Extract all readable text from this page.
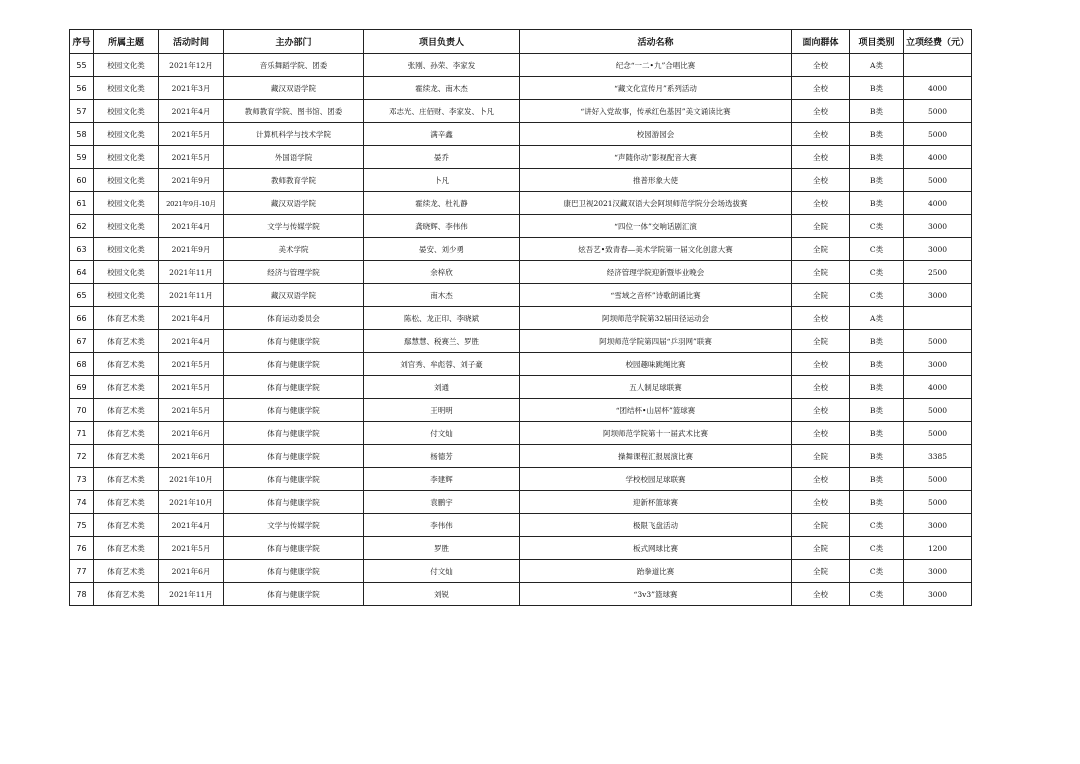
序号	所属主题	活动时间	主办部门	项目负责人	活动名称	面向群体	项目类别	立项经费（元）
55	校园文化类	2021年12月	音乐舞蹈学院、团委	张刚、孙荣、李家发	纪念“一二•九”合唱比赛	全校	A类	
56	校园文化类	2021年3月	藏汉双语学院	霍续龙、南木杰	“藏文化宣传月”系列活动	全校	B类	4000
57	校园文化类	2021年4月	教师教育学院、图书馆、团委	邓志光、庄佰财、李家发、卜凡	“讲好入党故事，传承红色基因”美文诵读比赛	全校	B类	5000
58	校园文化类	2021年5月	计算机科学与技术学院	满辛鑫	校园游园会	全校	B类	5000
59	校园文化类	2021年5月	外国语学院	晏乔	“声随你动”影视配音大赛	全校	B类	4000
60	校园文化类	2021年9月	教师教育学院	卜凡	推普形象大使	全校	B类	5000
61	校园文化类	2021年9月-10月	藏汉双语学院	霍续龙、杜礼静	康巴卫视2021汉藏双语大会阿坝师范学院分会场选拔赛	全校	B类	4000
62	校园文化类	2021年4月	文学与传媒学院	龚晓辉、李伟伟	“四位一体”交响话剧汇演	全院	C类	3000
63	校园文化类	2021年9月	美术学院	晏安、刘少勇	炫吾艺•致青春—美术学院第一届文化创意大赛	全院	C类	3000
64	校园文化类	2021年11月	经济与管理学院	余梓欣	经济管理学院迎新暨毕业晚会	全院	C类	2500
65	校园文化类	2021年11月	藏汉双语学院	南木杰	“雪域之音杯”诗歌朗诵比赛	全院	C类	3000
66	体育艺术类	2021年4月	体育运动委员会	陈松、龙正印、李晓斌	阿坝师范学院第32届田径运动会	全校	A类	
67	体育艺术类	2021年4月	体育与健康学院	鄢慧慧、税赛兰、罗胜	阿坝师范学院第四届“乒羽网”联赛	全院	B类	5000
68	体育艺术类	2021年5月	体育与健康学院	刘官秀、牟彪蓉、刘子豪	校园趣味跳绳比赛	全校	B类	3000
69	体育艺术类	2021年5月	体育与健康学院	刘通	五人制足球联赛	全校	B类	4000
70	体育艺术类	2021年5月	体育与健康学院	王明明	“团结杯•山居杯”篮球赛	全校	B类	5000
71	体育艺术类	2021年6月	体育与健康学院	付文灿	阿坝师范学院第十一届武术比赛	全校	B类	5000
72	体育艺术类	2021年6月	体育与健康学院	杨德芳	操舞课程汇报展演比赛	全院	B类	3385
73	体育艺术类	2021年10月	体育与健康学院	李建辉	学校校园足球联赛	全校	B类	5000
74	体育艺术类	2021年10月	体育与健康学院	袁鹏宇	迎新杯篮球赛	全校	B类	5000
75	体育艺术类	2021年4月	文学与传媒学院	李伟伟	极限飞盘活动	全院	C类	3000
76	体育艺术类	2021年5月	体育与健康学院	罗胜	板式网球比赛	全院	C类	1200
77	体育艺术类	2021年6月	体育与健康学院	付文灿	跆拳道比赛	全院	C类	3000
78	体育艺术类	2021年11月	体育与健康学院	刘锐	“3v3”篮球赛	全校	C类	3000
